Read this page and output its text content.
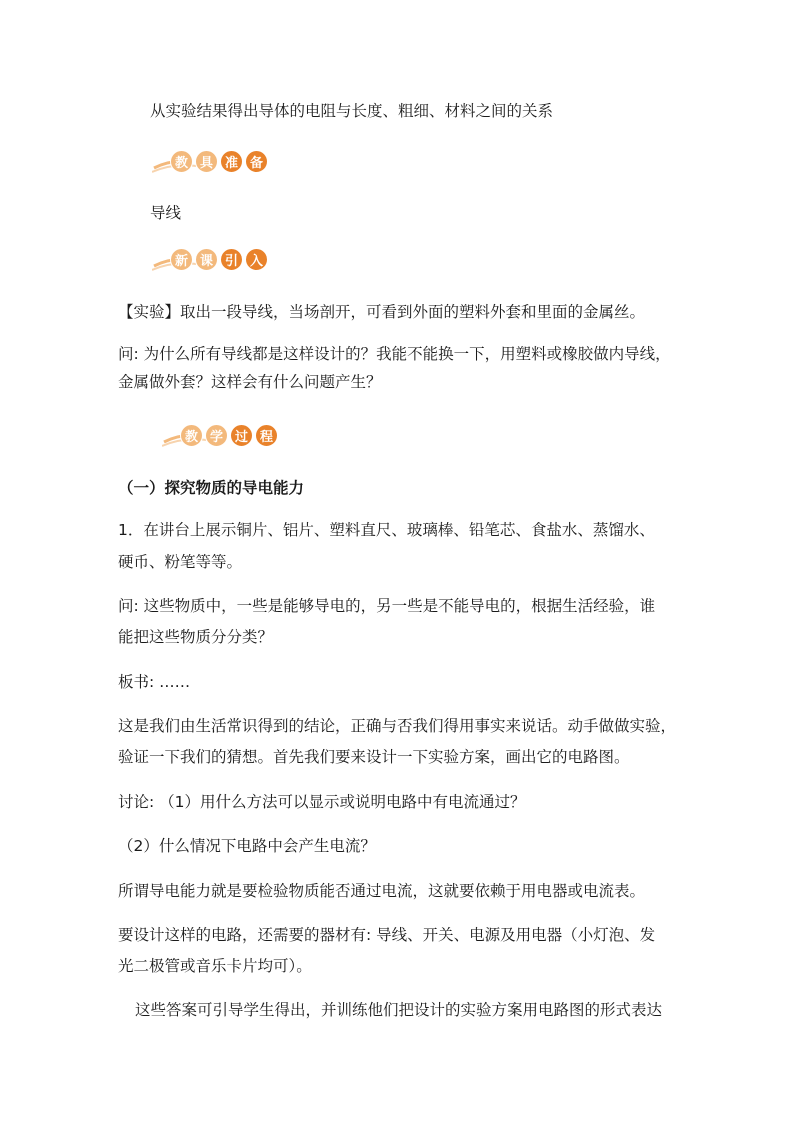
从实验结果得出导体的电阻与长度、粗细、材料之间的关系
教 具 准 备
导线
新 课 引 入
【实验】取出一段导线，当场剖开，可看到外面的塑料外套和里面的金属丝。
问: 为什么所有导线都是这样设计的？我能不能换一下，用塑料或橡胶做内导线，
金属做外套？这样会有什么问题产生？
教 学 过 程
（一）探究物质的导电能力
1．在讲台上展示铜片、铝片、塑料直尺、玻璃棒、铅笔芯、食盐水、蒸馏水、
硬币、粉笔等等。
问: 这些物质中，一些是能够导电的，另一些是不能导电的，根据生活经验，谁
能把这些物质分分类？
板书: ……
这是我们由生活常识得到的结论，正确与否我们得用事实来说话。动手做做实验，
验证一下我们的猜想。首先我们要来设计一下实验方案，画出它的电路图。
讨论: （1）用什么方法可以显示或说明电路中有电流通过？
（2）什么情况下电路中会产生电流？
所谓导电能力就是要检验物质能否通过电流，这就要依赖于用电器或电流表。
要设计这样的电路，还需要的器材有: 导线、开关、电源及用电器（小灯泡、发
光二极管或音乐卡片均可）。
这些答案可引导学生得出，并训练他们把设计的实验方案用电路图的形式表达
